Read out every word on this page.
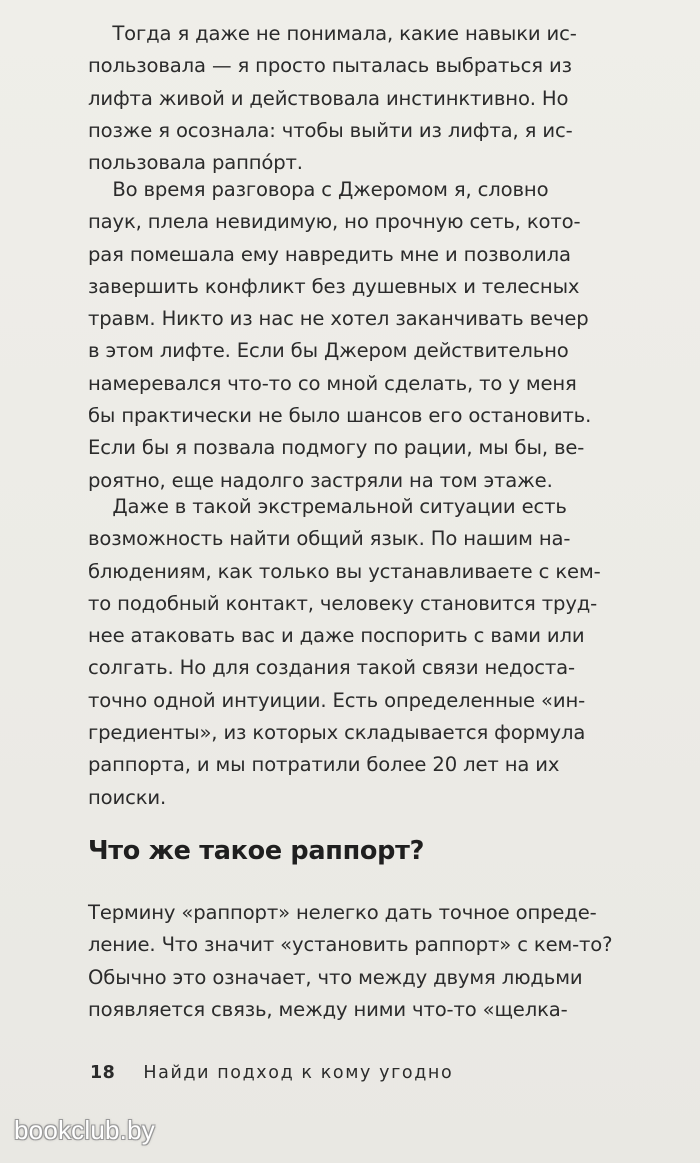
Тогда я даже не понимала, какие навыки ис-
пользовала — я просто пыталась выбраться из
лифта живой и действовала инстинктивно. Но
позже я осознала: чтобы выйти из лифта, я ис-
пользовала раппóрт.
Во время разговора с Джеромом я, словно
паук, плела невидимую, но прочную сеть, кото-
рая помешала ему навредить мне и позволила
завершить конфликт без душевных и телесных
травм. Никто из нас не хотел заканчивать вечер
в этом лифте. Если бы Джером действительно
намеревался что-то со мной сделать, то у меня
бы практически не было шансов его остановить.
Если бы я позвала подмогу по рации, мы бы, ве-
роятно, еще надолго застряли на том этаже.
Даже в такой экстремальной ситуации есть
возможность найти общий язык. По нашим на-
блюдениям, как только вы устанавливаете с кем-
то подобный контакт, человеку становится труд-
нее атаковать вас и даже поспорить с вами или
солгать. Но для создания такой связи недоста-
точно одной интуиции. Есть определенные «ин-
гредиенты», из которых складывается формула
раппорта, и мы потратили более 20 лет на их
поиски.
Что же такое раппорт?
Термину «раппорт» нелегко дать точное опреде-
ление. Что значит «установить раппорт» с кем-то?
Обычно это означает, что между двумя людьми
появляется связь, между ними что-то «щелка-
18 Найди подход к кому угодно
bookclub.by
